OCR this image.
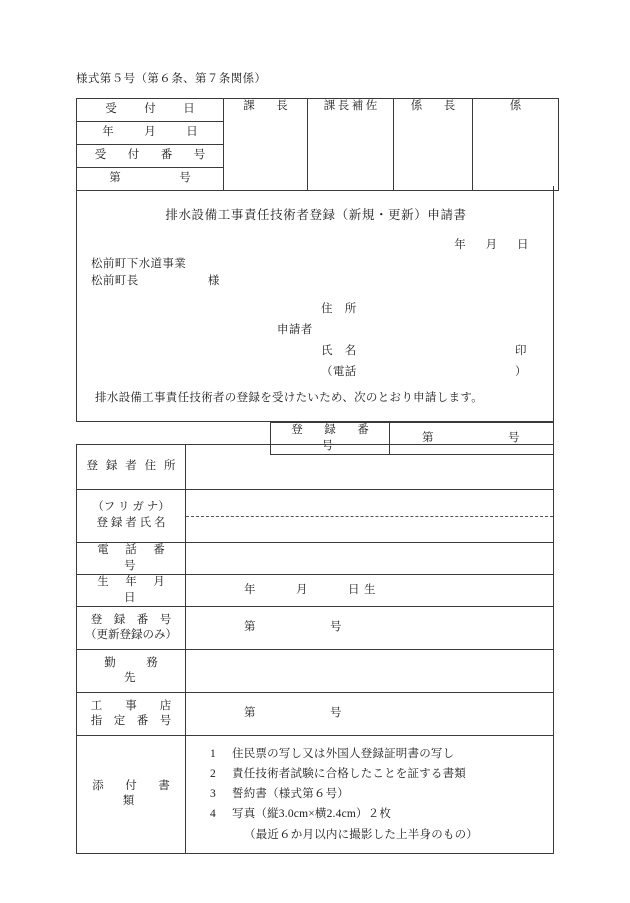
様式第５号（第６条、第７条関係）
受　付　日	課　長	課長補佐	係　長	係

年　　月　　日
受　付　番　号
第　　　　号
排水設備工事責任技術者登録（新規・更新）申請書
年 月 日
松前町下水道事業
松前町長	様
住　所
申請者
氏　名	印
（電話	）
排水設備工事責任技術者の登録を受けたいため、次のとおり申請します。
登　録　番　号	第	号
登 録 者 住 所	

（フ リ ガ ナ）
登 録 者 氏 名	

電　話　番　号	
生　年　月　日	年 月 日 生

登　録　番　号
（更新登録のみ）	第 号
勤　　務　　先	

工　　事　　店
指　定　番　号	第 号
添　付　書　類	1 住民票の写し又は外国人登録証明書の写し
2 責任技術者試験に合格したことを証する書類
3 誓約書（様式第６号）
4 写真（縦3.0cm×横2.4cm）２枚
（最近６か月以内に撮影した上半身のもの）
